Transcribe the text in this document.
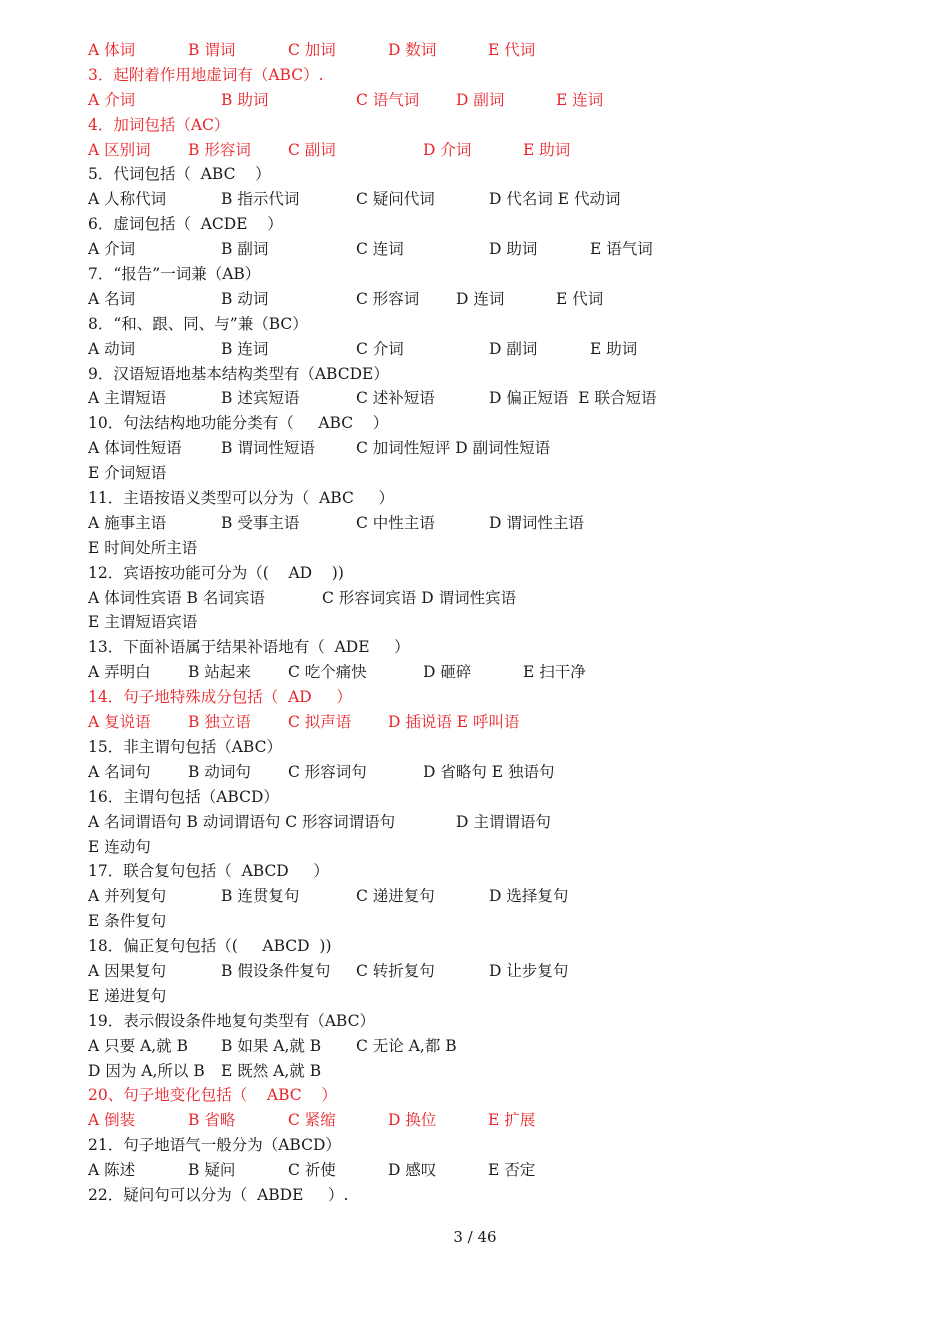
A 体词	B 谓词	C 加词	D 数词	E 代词
3．起附着作用地虚词有（ABC）.
A 介词	B 助词	C 语气词 D 副词	E 连词
4．加词包括（AC）
A 区别词 B 形容词 C 副词	D 介词	E 助词
5．代词包括（  ABC    ）
A 人称代词	B 指示代词	C 疑问代词	D 代名词 E 代动词
6．虚词包括（  ACDE    ）
A 介词	B 副词	C 连词	D 助词	E 语气词
7．“报告”一词兼（AB）
A 名词	B 动词	C 形容词 D 连词	E 代词
8．“和、跟、同、与”兼（BC）
A 动词	B 连词	C 介词	D 副词	E 助词
9．汉语短语地基本结构类型有（ABCDE）
A 主谓短语	B 述宾短语	C 述补短语	D 偏正短语  E 联合短语
10．句法结构地功能分类有（     ABC    ）
A 体词性短语	B 谓词性短语	C 加词性短评 D 副词性短语
E 介词短语
11．主语按语义类型可以分为（  ABC     ）
A 施事主语	B 受事主语	C 中性主语	D 谓词性主语
E 时间处所主语
12．宾语按功能可分为（(    AD    ))
A 体词性宾语 B 名词宾语	C 形容词宾语 D 谓词性宾语
E 主谓短语宾语
13．下面补语属于结果补语地有（  ADE     ）
A 弄明白 B 站起来 C 吃个痛快	D 砸碎	E 扫干净
14．句子地特殊成分包括（  AD     ）
A 复说语 B 独立语 C 拟声语 D 插说语 E 呼叫语
15．非主谓句包括（ABC）
A 名词句 B 动词句 C 形容词句	D 省略句 E 独语句
16．主谓句包括（ABCD）
A 名词谓语句 B 动词谓语句 C 形容词谓语句	D 主谓谓语句
E 连动句
17．联合复句包括（  ABCD     ）
A 并列复句	B 连贯复句	C 递进复句	D 选择复句
E 条件复句
18．偏正复句包括（(     ABCD  ))
A 因果复句	B 假设条件复句 C 转折复句	D 让步复句
E 递进复句
19．表示假设条件地复句类型有（ABC）
A 只要 A,就 B B 如果 A,就 B C 无论 A,都 B
D 因为 A,所以 B E 既然 A,就 B
20、句子地变化包括（    ABC    ）
A 倒装	B 省略	C 紧缩	D 换位	E 扩展
21．句子地语气一般分为（ABCD）
A 陈述	B 疑问	C 祈使	D 感叹	E 否定
22．疑问句可以分为（  ABDE     ）.
3 / 46
